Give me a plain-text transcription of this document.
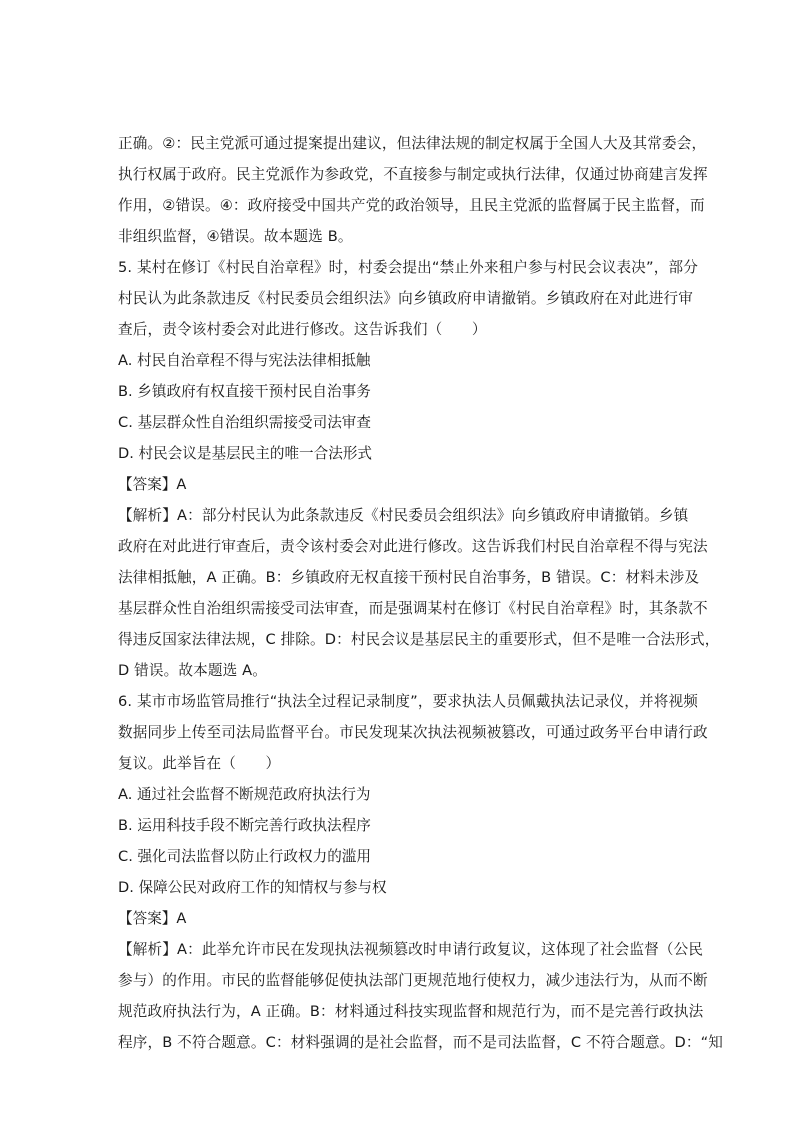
正确。②：民主党派可通过提案提出建议，但法律法规的制定权属于全国人大及其常委会，
执行权属于政府。民主党派作为参政党，不直接参与制定或执行法律，仅通过协商建言发挥
作用，②错误。④：政府接受中国共产党的政治领导，且民主党派的监督属于民主监督，而
非组织监督，④错误。故本题选 B。
5. 某村在修订《村民自治章程》时，村委会提出“禁止外来租户参与村民会议表决”，部分
村民认为此条款违反《村民委员会组织法》向乡镇政府申请撤销。乡镇政府在对此进行审
查后，责令该村委会对此进行修改。这告诉我们（　　）
A. 村民自治章程不得与宪法法律相抵触
B. 乡镇政府有权直接干预村民自治事务
C. 基层群众性自治组织需接受司法审查
D. 村民会议是基层民主的唯一合法形式
【答案】A
【解析】A：部分村民认为此条款违反《村民委员会组织法》向乡镇政府申请撤销。乡镇
政府在对此进行审查后，责令该村委会对此进行修改。这告诉我们村民自治章程不得与宪法
法律相抵触，A 正确。B：乡镇政府无权直接干预村民自治事务，B 错误。C：材料未涉及
基层群众性自治组织需接受司法审查，而是强调某村在修订《村民自治章程》时，其条款不
得违反国家法律法规，C 排除。D：村民会议是基层民主的重要形式，但不是唯一合法形式，
D 错误。故本题选 A。
6. 某市市场监管局推行“执法全过程记录制度”，要求执法人员佩戴执法记录仪，并将视频
数据同步上传至司法局监督平台。市民发现某次执法视频被篡改，可通过政务平台申请行政
复议。此举旨在（　　）
A. 通过社会监督不断规范政府执法行为
B. 运用科技手段不断完善行政执法程序
C. 强化司法监督以防止行政权力的滥用
D. 保障公民对政府工作的知情权与参与权
【答案】A
【解析】A：此举允许市民在发现执法视频篡改时申请行政复议，这体现了社会监督（公民
参与）的作用。市民的监督能够促使执法部门更规范地行使权力，减少违法行为，从而不断
规范政府执法行为，A 正确。B：材料通过科技实现监督和规范行为，而不是完善行政执法
程序，B 不符合题意。C：材料强调的是社会监督，而不是司法监督，C 不符合题意。D：“知
